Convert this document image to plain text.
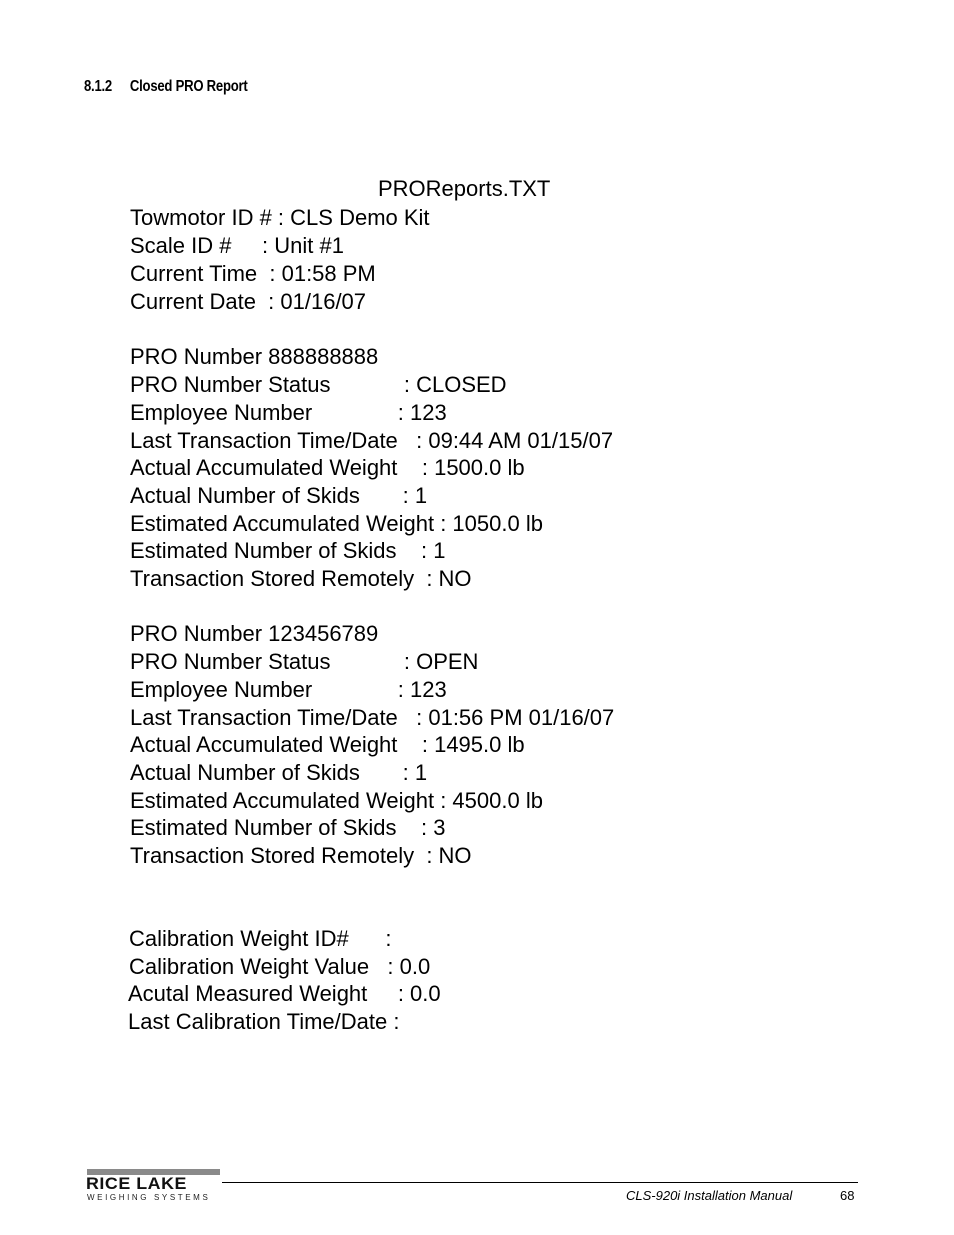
8.1.2 Closed PRO Report
PROReports.TXT
Towmotor ID # : CLS Demo Kit
Scale ID #     : Unit #1
Current Time  : 01:58 PM
Current Date  : 01/16/07
PRO Number 888888888
PRO Number Status            : CLOSED
Employee Number              : 123
Last Transaction Time/Date   : 09:44 AM 01/15/07
Actual Accumulated Weight    : 1500.0 lb
Actual Number of Skids       : 1
Estimated Accumulated Weight : 1050.0 lb
Estimated Number of Skids    : 1
Transaction Stored Remotely  : NO
PRO Number 123456789
PRO Number Status            : OPEN
Employee Number              : 123
Last Transaction Time/Date   : 01:56 PM 01/16/07
Actual Accumulated Weight    : 1495.0 lb
Actual Number of Skids       : 1
Estimated Accumulated Weight : 4500.0 lb
Estimated Number of Skids    : 3
Transaction Stored Remotely  : NO
Calibration Weight ID#      :
Calibration Weight Value   : 0.0
Acutal Measured Weight     : 0.0
Last Calibration Time/Date :
RICE LAKE
WEIGHING SYSTEMS	CLS-920i Installation Manual	68
